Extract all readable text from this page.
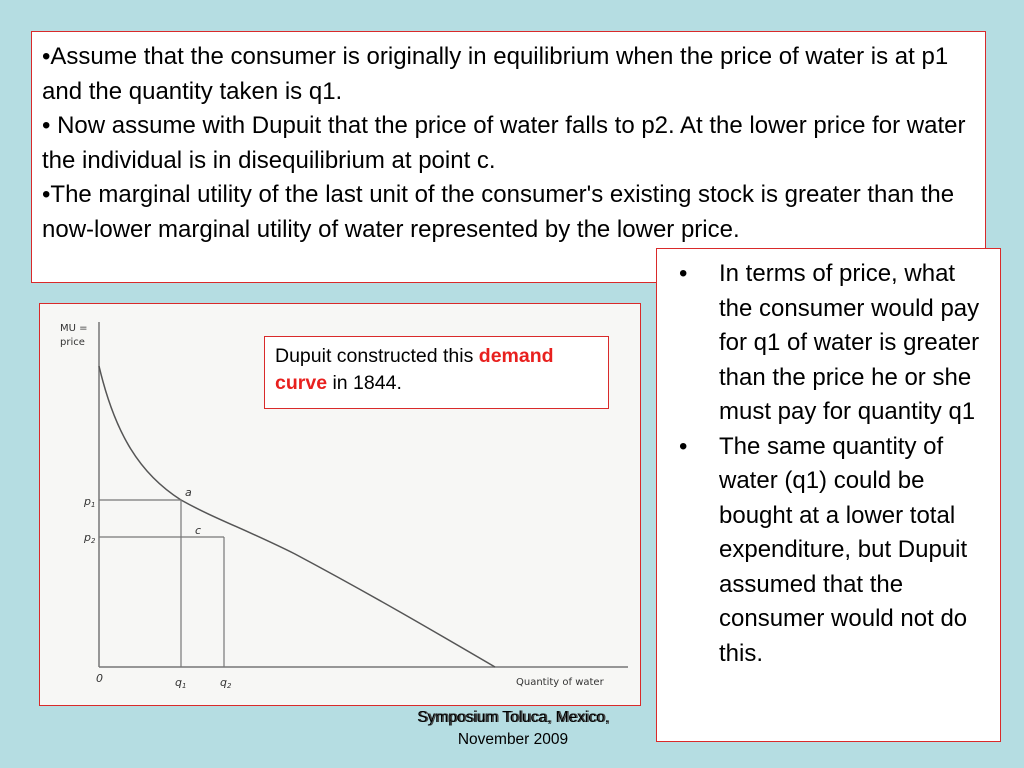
•Assume that the consumer is originally in equilibrium when the price of water is at p1 and the quantity taken is q1.

• Now assume with Dupuit that the price of water falls to p2. At the lower price for water the individual is in disequilibrium at point c.

•The marginal utility of the last unit of the consumer's existing stock is greater than the now-lower marginal utility of water represented by the lower price.

MU =
price
p1
p2
a
c
0	q1	q2	Quantity of water
Dupuit constructed this demand curve in 1844.
• In terms of price, what the consumer would pay for q1 of water is greater than the price he or she must pay for quantity q1
• The same quantity of water (q1) could be bought at a lower total expenditure, but Dupuit assumed that the consumer would not do this.
Symposium Toluca, Mexico,
November 2009
